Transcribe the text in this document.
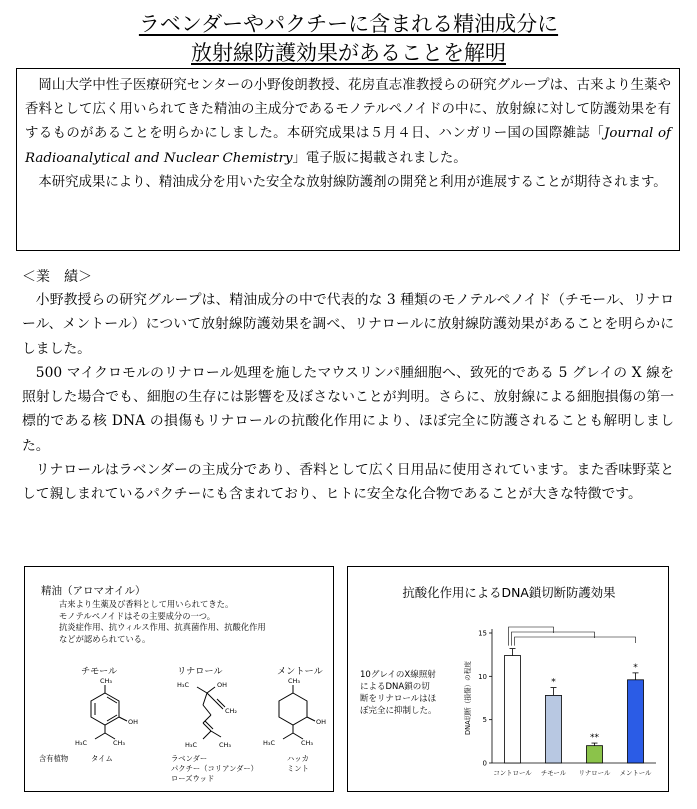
ラベンダーやパクチーに含まれる精油成分に
放射線防護効果があることを解明

岡山大学中性子医療研究センターの小野俊朗教授、花房直志准教授らの研究グループは、古来より生薬や香料として広く用いられてきた精油の主成分であるモノテルペノイドの中に、放射線に対して防護効果を有するものがあることを明らかにしました。本研究成果は５月４日、ハンガリー国の国際雑誌「Journal of Radioanalytical and Nuclear Chemistry」電子版に掲載されました。

本研究成果により、精油成分を用いた安全な放射線防護剤の開発と利用が進展することが期待されます。

＜業　績＞

小野教授らの研究グループは、精油成分の中で代表的な 3 種類のモノテルペノイド（チモール、リナロール、メントール）について放射線防護効果を調べ、リナロールに放射線防護効果があることを明らかにしました。

500 マイクロモルのリナロール処理を施したマウスリンパ腫細胞へ、致死的である 5 グレイの X 線を照射した場合でも、細胞の生存には影響を及ぼさないことが判明。さらに、放射線による細胞損傷の第一標的である核 DNA の損傷もリナロールの抗酸化作用により、ほぼ完全に防護されることも解明しました。

リナロールはラベンダーの主成分であり、香料として広く日用品に使用されています。また香味野菜として親しまれているパクチーにも含まれており、ヒトに安全な化合物であることが大きな特徴です。

精油（アロマオイル）
古来より生薬及び香料として用いられてきた。
モノテルペノイドはその主要成分の一つ。
抗炎症作用、抗ウィルス作用、抗真菌作用、抗酸化作用
などが認められている。
チモール	リナロール	メントール
CH₃
OH
H₃C	CH₃
H₃C	OH
CH₂
H₃C	CH₃
CH₃
OH
H₃C	CH₃
含有植物	タイム	ラベンダー
パクチー（コリアンダー）
ローズウッド
ハッカ
ミント
抗酸化作用によるDNA鎖切断防護効果
10グレイのX線照射
によるDNA鎖の切
断をリナロールはほ
ぼ完全に抑制した。
0
5
10
15
DNA切断（損傷）の程度
コントロール
*
チモール
**
リナロール
*
メントール
